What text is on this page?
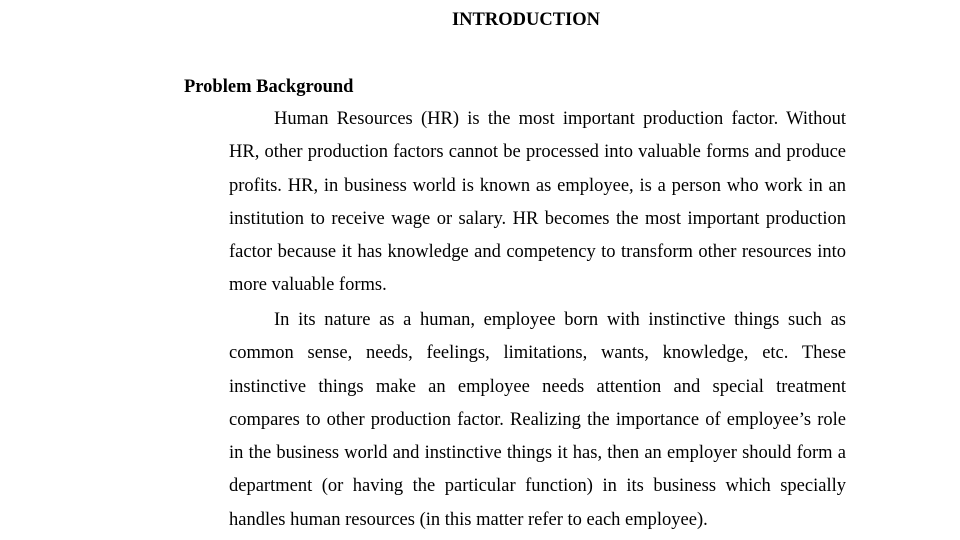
INTRODUCTION
Problem Background

Human Resources (HR) is the most important production factor. Without HR, other production factors cannot be processed into valuable forms and produce profits. HR, in business world is known as employee, is a person who work in an institution to receive wage or salary. HR becomes the most important production factor because it has knowledge and competency to transform other resources into more valuable forms.

In its nature as a human, employee born with instinctive things such as common sense, needs, feelings, limitations, wants, knowledge, etc. These instinctive things make an employee needs attention and special treatment compares to other production factor. Realizing the importance of employee’s role in the business world and instinctive things it has, then an employer should form a department (or having the particular function) in its business which specially handles human resources (in this matter refer to each employee).
